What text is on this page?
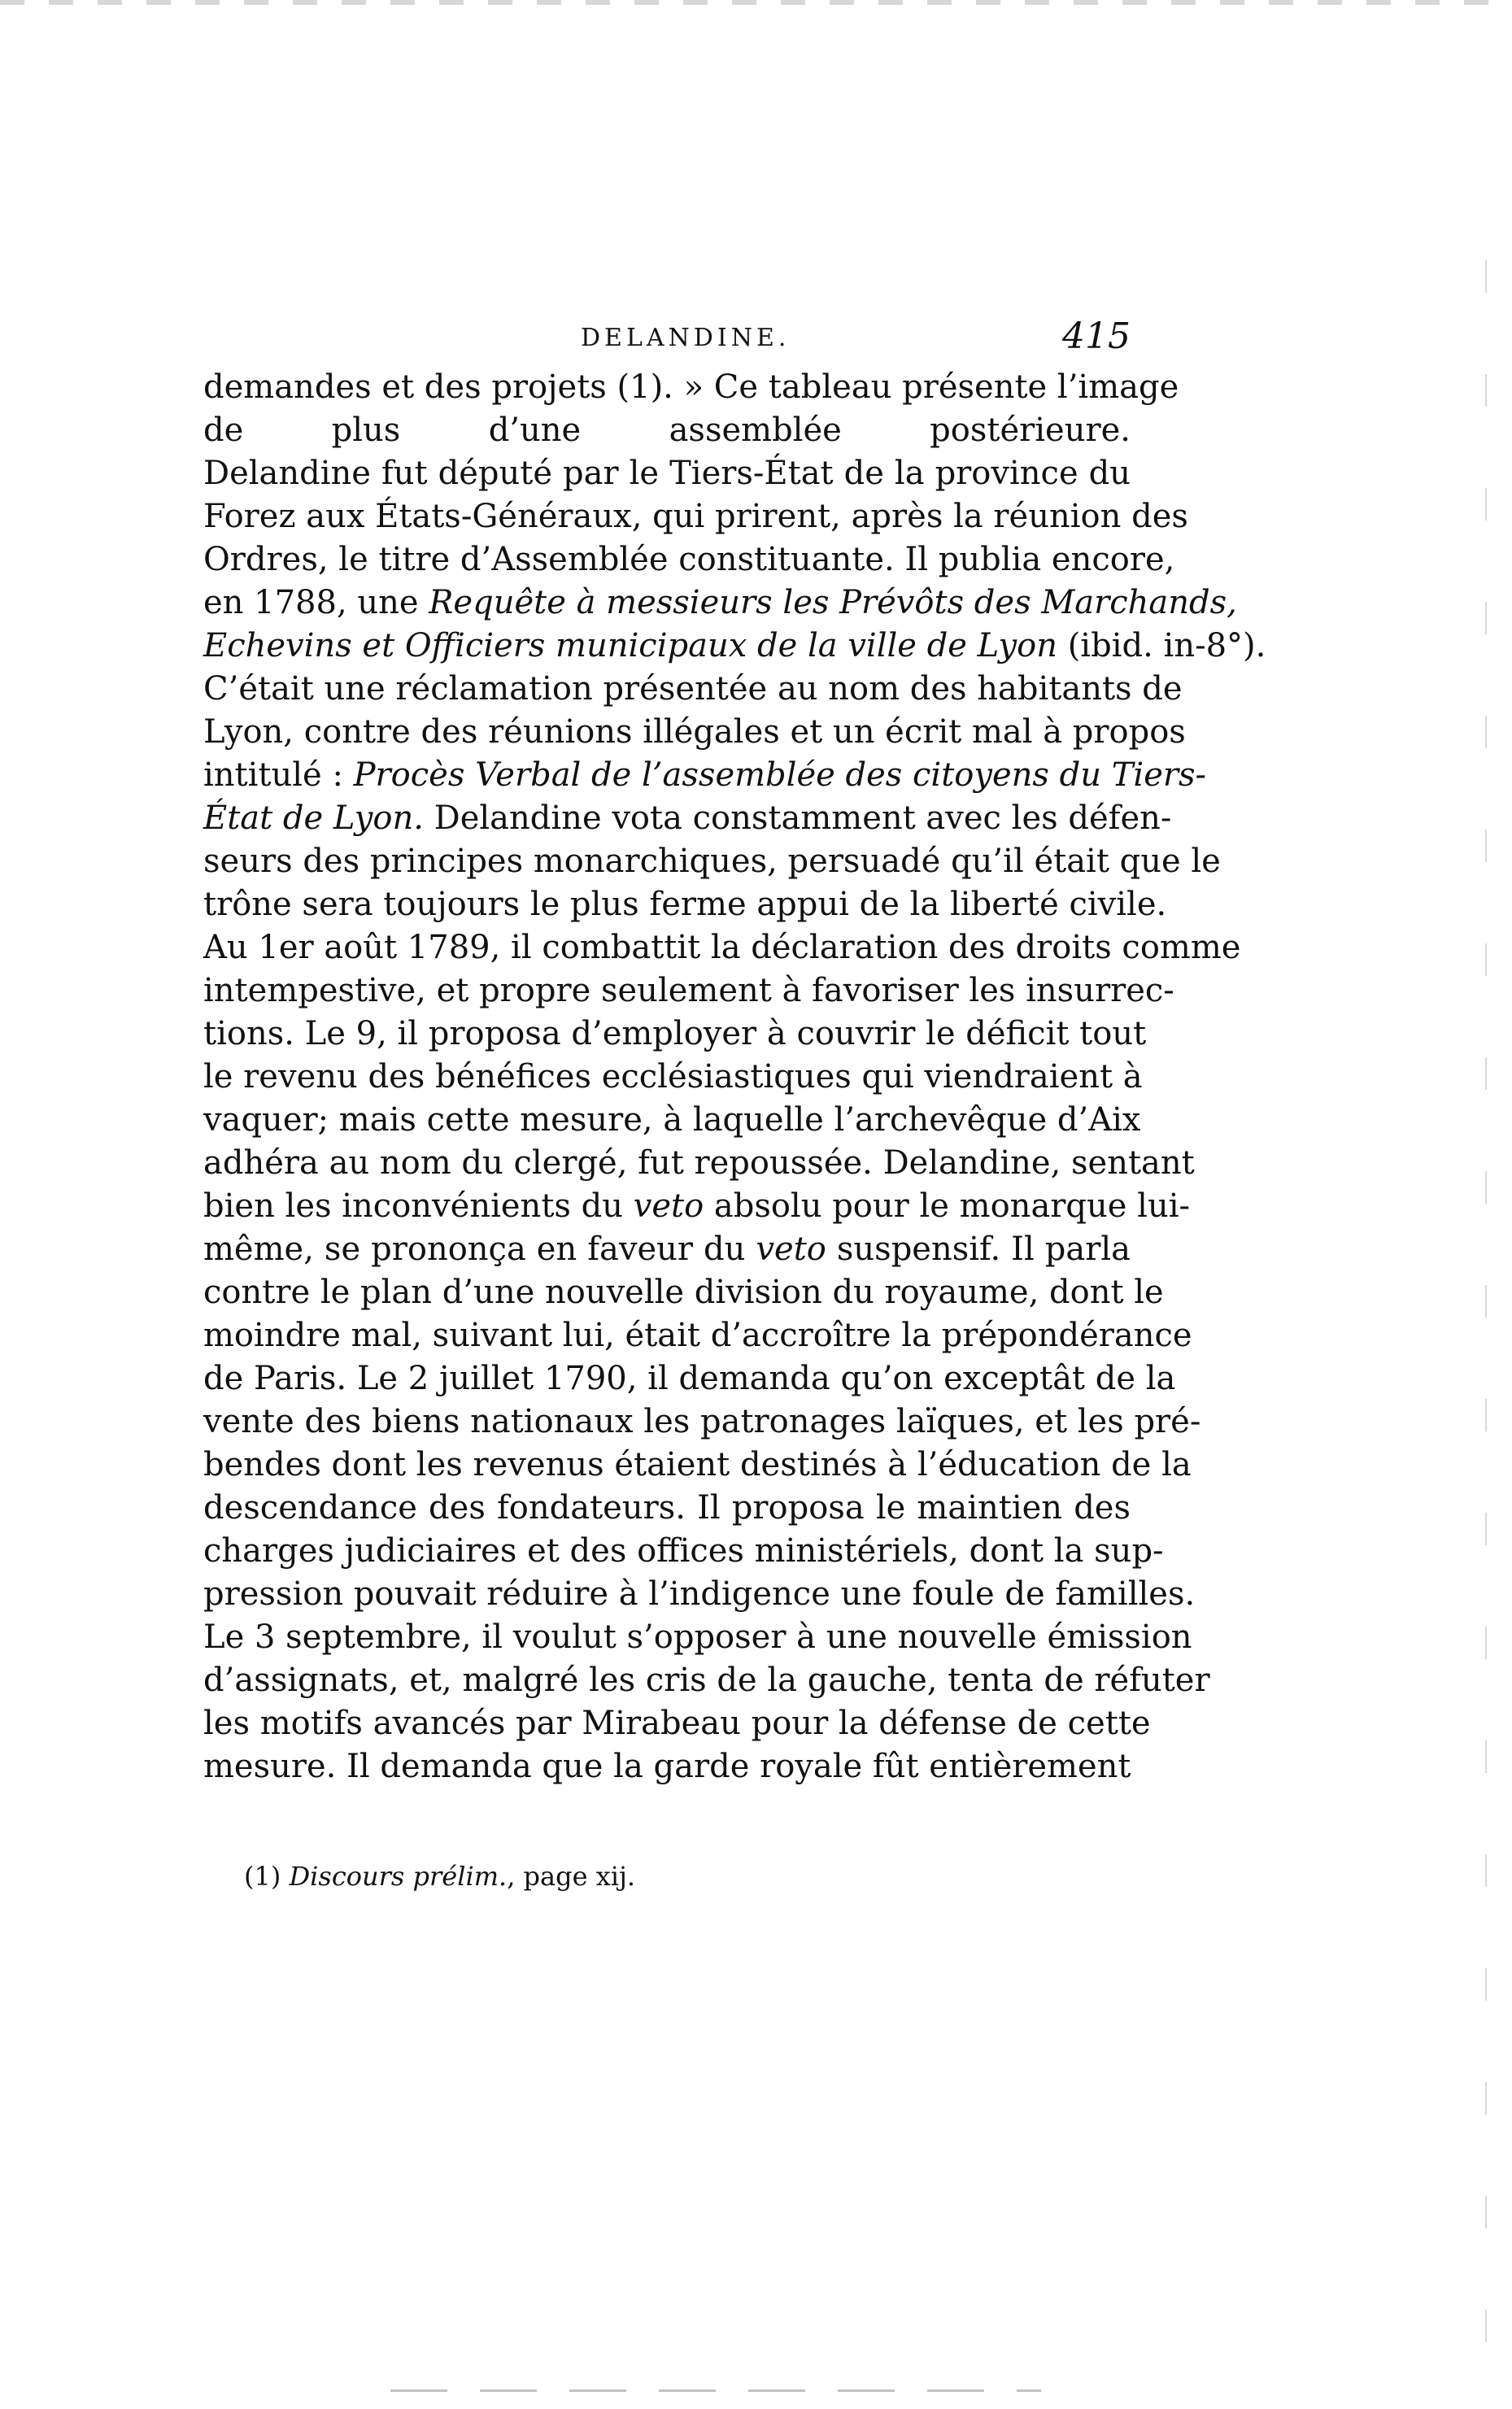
DELANDINE.	415
demandes et des projets (1). » Ce tableau présente l’image
de plus d’une assemblée postérieure.
Delandine fut député par le Tiers-État de la province du
Forez aux États-Généraux, qui prirent, après la réunion des
Ordres, le titre d’Assemblée constituante. Il publia encore,
en 1788, une Requête à messieurs les Prévôts des Marchands,
Echevins et Officiers municipaux de la ville de Lyon (ibid. in-8°).
C’était une réclamation présentée au nom des habitants de
Lyon, contre des réunions illégales et un écrit mal à propos
intitulé : Procès Verbal de l’assemblée des citoyens du Tiers-
État de Lyon. Delandine vota constamment avec les défen-
seurs des principes monarchiques, persuadé qu’il était que le
trône sera toujours le plus ferme appui de la liberté civile.
Au 1er août 1789, il combattit la déclaration des droits comme
intempestive, et propre seulement à favoriser les insurrec-
tions. Le 9, il proposa d’employer à couvrir le déficit tout
le revenu des bénéfices ecclésiastiques qui viendraient à
vaquer; mais cette mesure, à laquelle l’archevêque d’Aix
adhéra au nom du clergé, fut repoussée. Delandine, sentant
bien les inconvénients du veto absolu pour le monarque lui-
même, se prononça en faveur du veto suspensif. Il parla
contre le plan d’une nouvelle division du royaume, dont le
moindre mal, suivant lui, était d’accroître la prépondérance
de Paris. Le 2 juillet 1790, il demanda qu’on exceptât de la
vente des biens nationaux les patronages laïques, et les pré-
bendes dont les revenus étaient destinés à l’éducation de la
descendance des fondateurs. Il proposa le maintien des
charges judiciaires et des offices ministériels, dont la sup-
pression pouvait réduire à l’indigence une foule de familles.
Le 3 septembre, il voulut s’opposer à une nouvelle émission
d’assignats, et, malgré les cris de la gauche, tenta de réfuter
les motifs avancés par Mirabeau pour la défense de cette
mesure. Il demanda que la garde royale fût entièrement
(1) Discours prélim., page xij.
